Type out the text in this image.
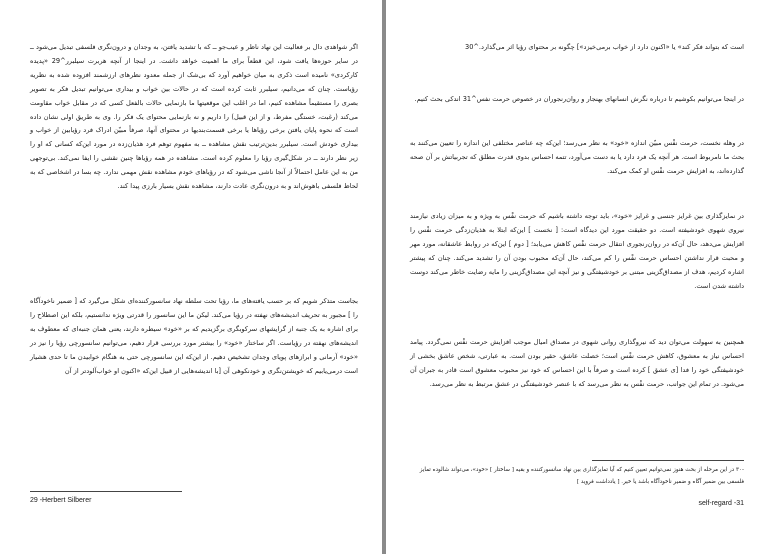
اگر شواهدی دال بر فعالیت این نهاد ناظر و عیب‌جو ــ که با تشدید یافتن، به وجدان و درون‌نگری فلسفی تبدیل می‌شود ــ در سایر حوزه‌ها یافت شود، این قطعاً برای ما اهمیت خواهد داشت. در اینجا از آنچه هربرت سیلبرر^29 «پدیده کارکردی» نامیده است ذکری به میان خواهیم آورد که بی‌شک از جمله معدود نظرهای ارزشمند افزوده شده به نظریه رؤیاست. چنان که می‌دانیم، سیلبرر ثابت کرده است که در حالات بین خواب و بیداری می‌توانیم تبدیل فکر به تصویر بصری را مستقیماً مشاهده کنیم، اما در اغلب این موقعیتها ما بازنمایی حالات بالفعل کسی که در مقابل خواب مقاومت می‌کند (رغبت، خستگی مفرط، و از این قبیل) را داریم و نه بازنمایی محتوای یک فکر را. وی به طریق اولی نشان داده است که نحوه پایان یافتن برخی رؤیاها یا برخی قسمت‌بندیها در محتوای آنها، صرفاً مبیّن ادراک فرد رؤیابین از خواب و بیداری خودش است. سیلبرر بدین‌ترتیب نقش مشاهده ــ به مفهوم توهم فرد هذیان‌زده در مورد این‌که کسانی که او را زیر نظر دارند ــ در شکل‌گیری رؤیا را معلوم کرده است. مشاهده در همه رؤیاها چنین نقشی را ایفا نمی‌کند. بی‌توجهی من به این عامل احتمالاً از آنجا ناشی می‌شود که در رؤیاهای خودم مشاهده نقش مهمی ندارد. چه بسا در اشخاصی که به لحاظ فلسفی باهوش‌اند و به درون‌نگری عادت دارند، مشاهده نقش بسیار بارزی پیدا کند.

بجاست متذکر شویم که بر حسب یافته‌های ما، رؤیا تحت سلطه نهاد سانسورکننده‌ای شکل می‌گیرد که [ ضمیر ناخودآگاه را ] مجبور به تحریف اندیشه‌های نهفته در رؤیا می‌کند. لیکن ما این سانسور را قدرتی ویژه ندانستیم، بلکه این اصطلاح را برای اشاره به یک جنبه از گرایشهای سرکوبگری برگزیدیم که بر «خود» سیطره دارند، یعنی همان جنبه‌ای که معطوف به اندیشه‌های نهفته در رؤیاست. اگر ساختار «خود» را بیشتر مورد بررسی قرار دهیم، می‌توانیم سانسورچی رؤیا را نیز در «خود» آرمانی و ابرازهای پویای وجدان تشخیص دهیم. از این‌که این سانسورچی حتی به هنگام خوابیدن ما تا حدی هشیار است درمی‌یابیم که خویشتن‌نگری و خودنکوهی آن [با اندیشه‌هایی از قبیل این‌که «اکنون او خواب‌آلودتر از آن

29 -Herbert Silberer

است که بتواند فکر کند» یا «اکنون دارد از خواب برمی‌خیزد»] چگونه بر محتوای رؤیا اثر می‌گذارد.^30

در اینجا می‌توانیم بکوشیم تا درباره نگرش انسانهای بهنجار و روان‌رنجوران در خصوص حرمت نفس^31 اندکی بحث کنیم.

در وهله نخست، حرمت نفْس مبیّن اندازه «خود» به نظر می‌رسد؛ این‌که چه عناصر مختلفی این اندازه را تعیین می‌کنند به بحث ما نامربوط است. هر آنچه یک فرد دارد یا به دست می‌آورد، تتمه احساس بدوی قدرت مطلق که تجربیاتش بر آن صحه گذارده‌اند، به افزایش حرمت نفْس او کمک می‌کند.

در نمایزگذاری بین غرایز جنسی و غرایز «خود»، باید توجه داشته باشیم که حرمت نفْس به ویژه و به میزان زیادی نیازمند نیروی شهوی خودشیفته است. دو حقیقت مورد این دیدگاه است: [ نخست ] این‌که ابتلا به هذیان‌زدگی حرمت نفْس را افزایش می‌دهد، حال آن‌که در روان‌رنجوری انتقال حرمت نفْس کاهش می‌یابد؛ [ دوم ] این‌که در روابط عاشقانه، مورد مهر و محبت قرار نداشتن احساس حرمت نفْس را کم می‌کند، حال آن‌که محبوب بودن آن را تشدید می‌کند. چنان که پیشتر اشاره کردیم، هدف از مصداق‌گزینی مبتنی بر خودشیفتگی و نیز آنچه این مصداق‌گزینی را مایه رضایت خاطر می‌کند دوست داشته شدن است.

همچنین به سهولت می‌توان دید که نیروگذاری روانی شهوی در مصداق امیال موجب افزایش حرمت نفْس نمی‌گردد. پیامد احساس نیاز به معشوق، کاهش حرمت نفْس است؛ خصلت عاشق، حقیر بودن است. به عبارتی، شخص عاشق بخشی از خودشیفتگی خود را فدا [ی عشق ] کرده است و صرفاً با این احساس که خود نیز محبوب معشوق است قادر به جبران آن می‌شود. در تمام این جوانب، حرمت نفْس به نظر می‌رسد که با عنصر خودشیفتگی در عشق مرتبط به نظر می‌رسد.

-۳۰ در این مرحله از بحث هنوز نمی‌توانیم تعیین کنیم که آیا تمایزگذاری بین نهاد سانسورکننده و بقیه [ ساختار ] «خود»، می‌تواند شالوده تمایز فلسفی بین ضمیر آگاه و ضمیر ناخودآگاه باشد یا خیر. [ یادداشت فروید ]

self-regard -31
